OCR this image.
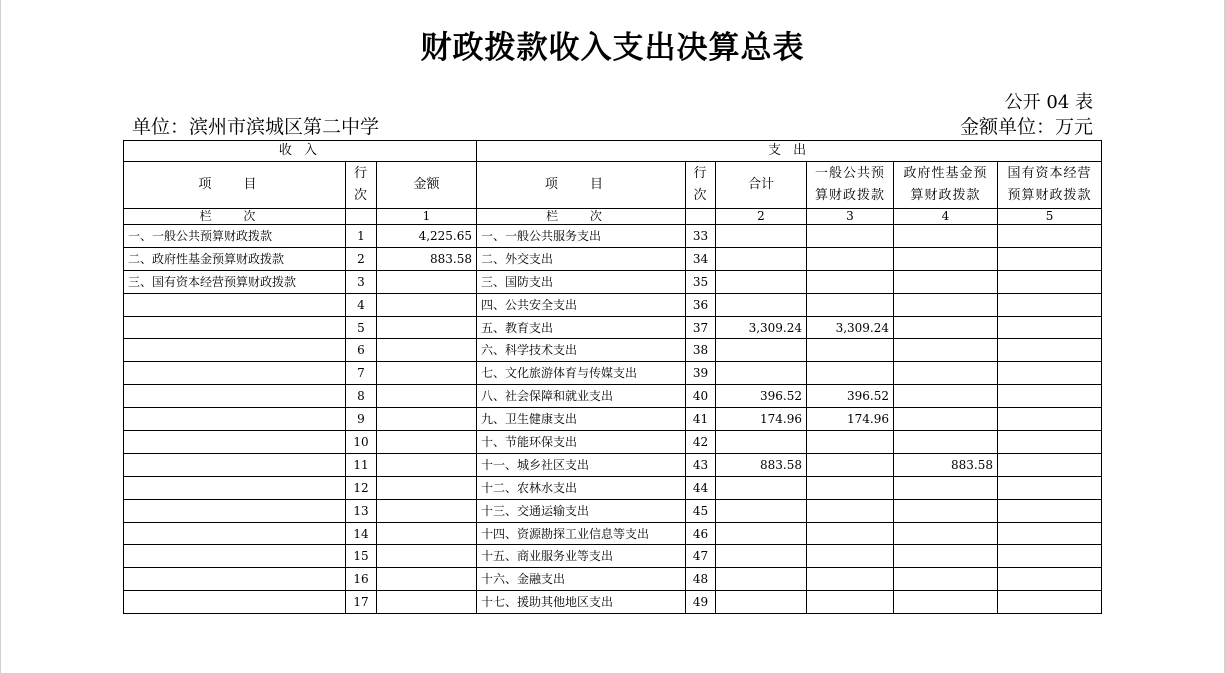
财政拨款收入支出决算总表
公开 04 表
单位：滨州市滨城区第二中学	金额单位：万元
收 入			支 出					
项 目	行次	金额	项 目	行次	合计	一般公共预算财政拨款	政府性基金预算财政拨款	国有资本经营预算财政拨款
栏 次		1	栏 次		2	3	4	5
一、一般公共预算财政拨款	1	4,225.65	一、一般公共服务支出	33				
二、政府性基金预算财政拨款	2	883.58	二、外交支出	34				
三、国有资本经营预算财政拨款	3		三、国防支出	35				
	4		四、公共安全支出	36				
	5		五、教育支出	37	3,309.24	3,309.24		
	6		六、科学技术支出	38				
	7		七、文化旅游体育与传媒支出	39				
	8		八、社会保障和就业支出	40	396.52	396.52		
	9		九、卫生健康支出	41	174.96	174.96		
	10		十、节能环保支出	42				
	11		十一、城乡社区支出	43	883.58		883.58	
	12		十二、农林水支出	44				
	13		十三、交通运输支出	45				
	14		十四、资源勘探工业信息等支出	46				
	15		十五、商业服务业等支出	47				
	16		十六、金融支出	48				
	17		十七、援助其他地区支出	49				
